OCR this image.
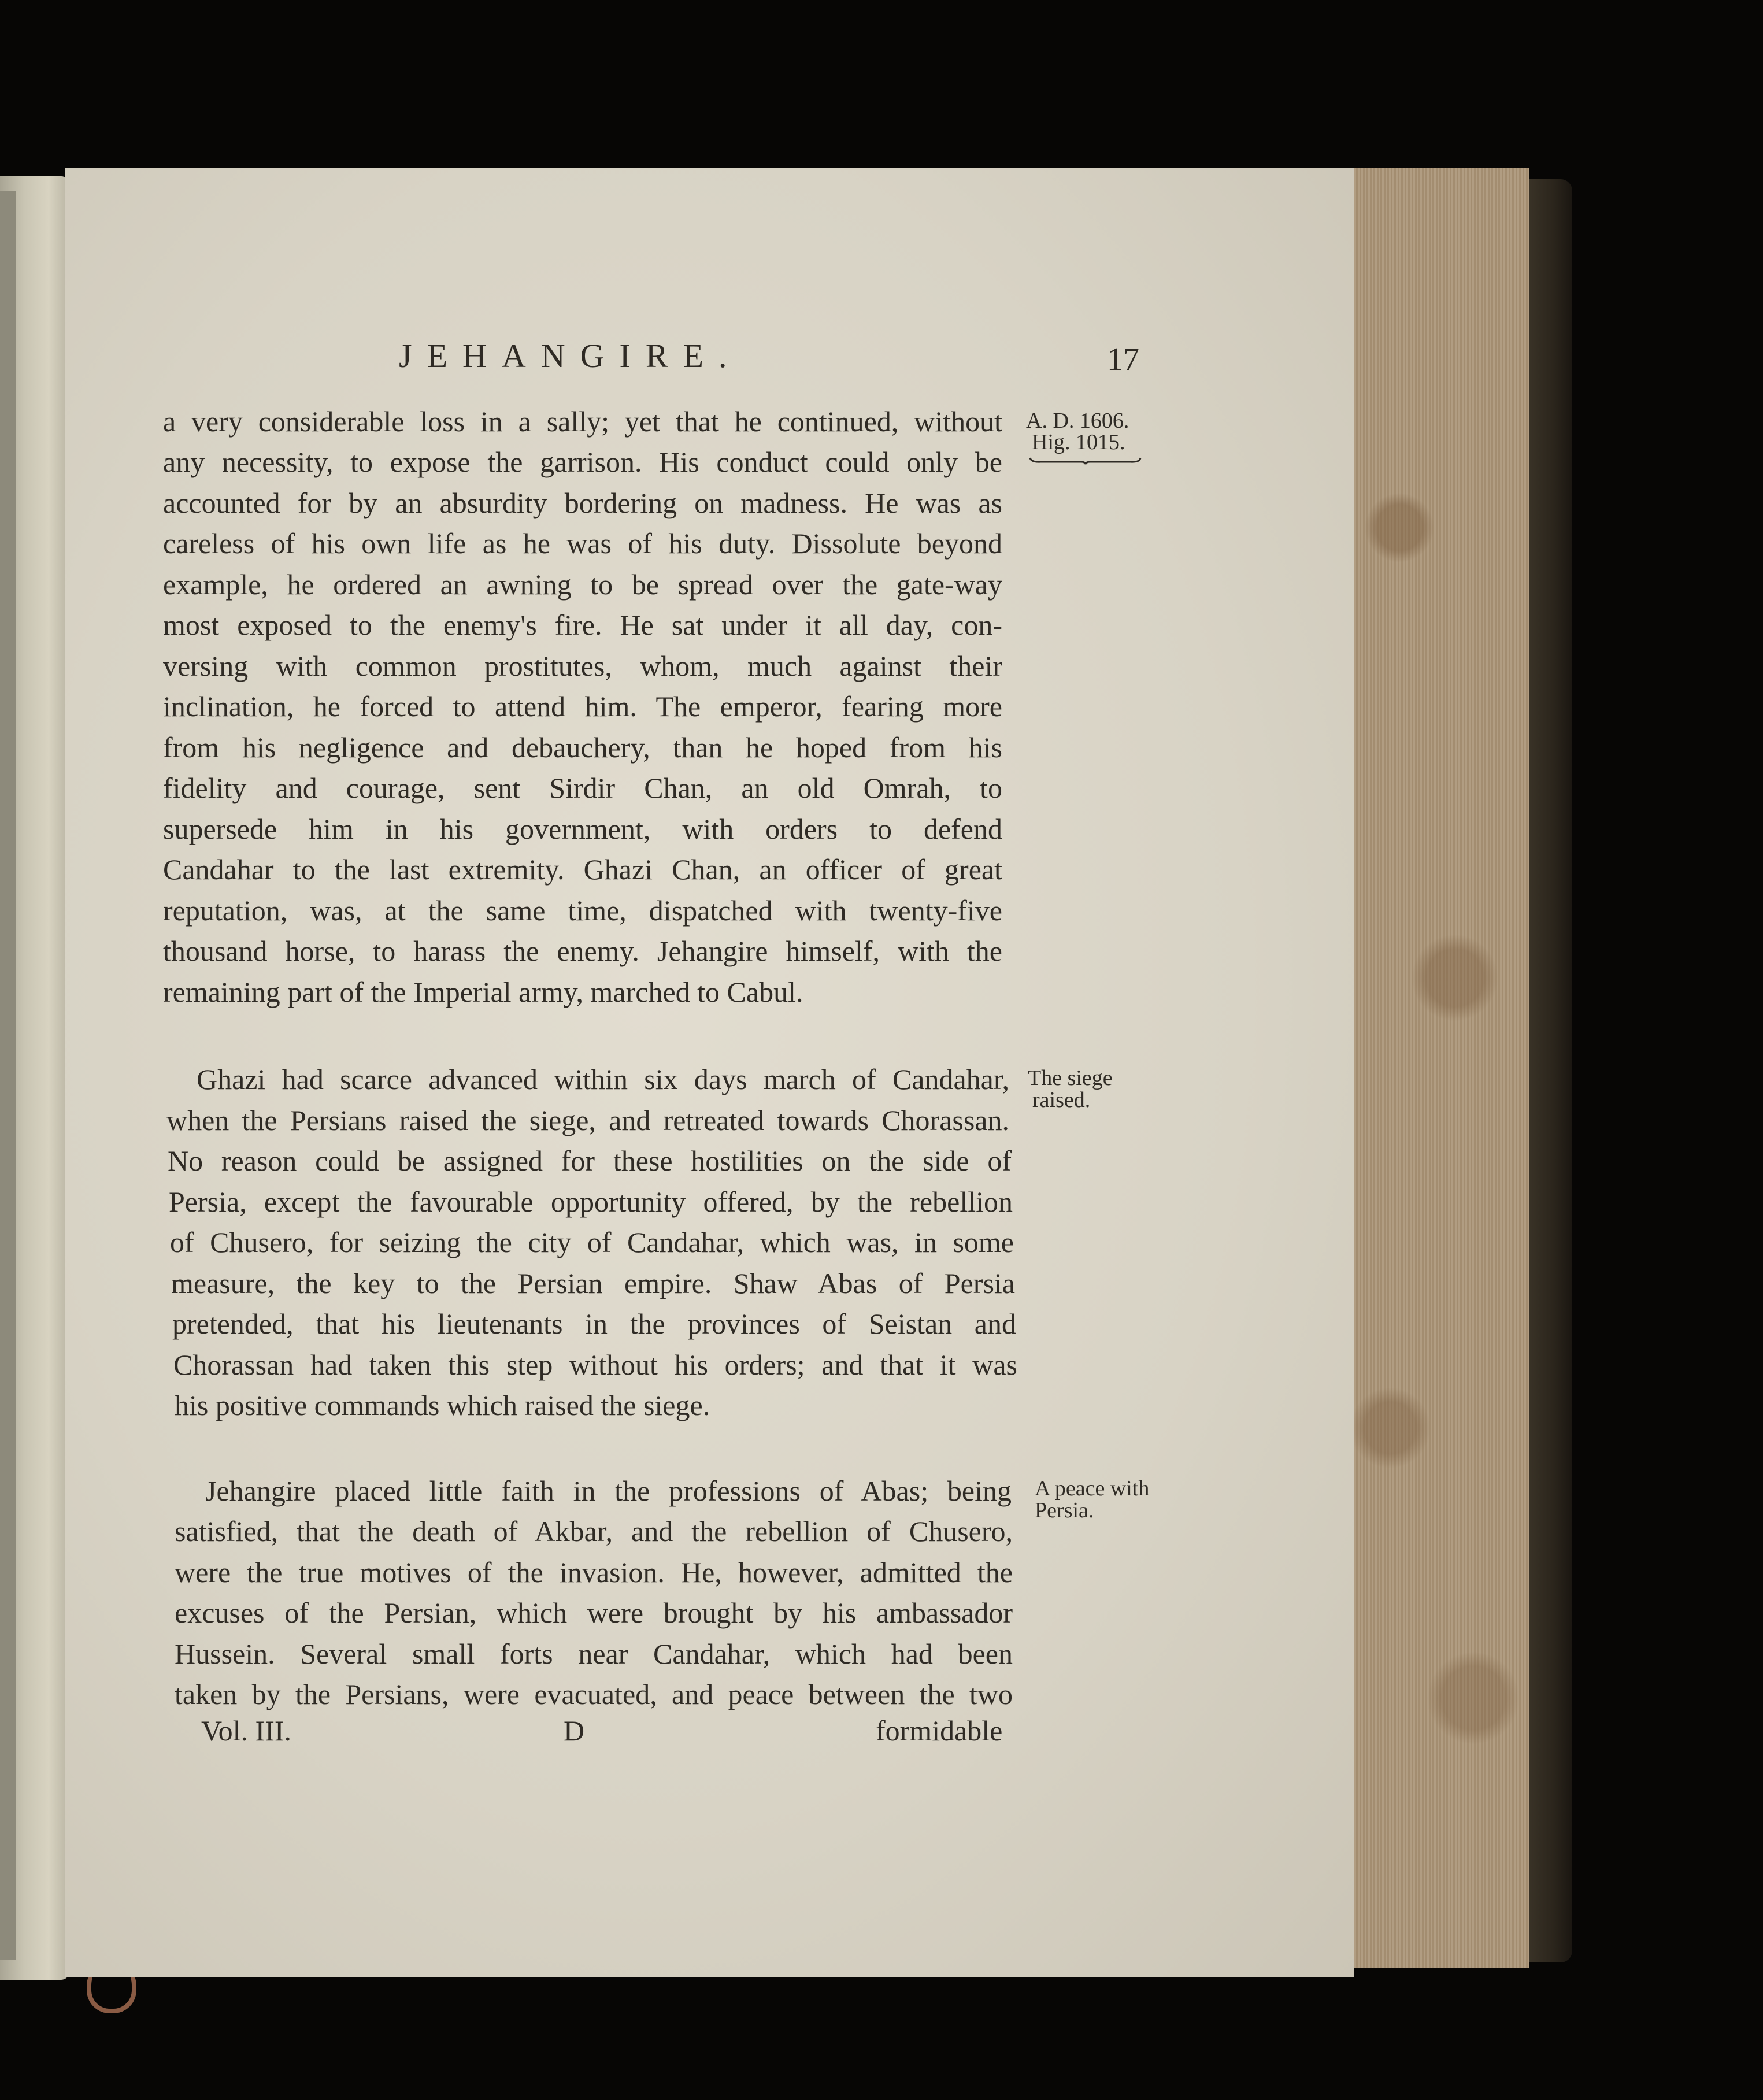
JEHANGIRE.	17
A. D. 1606.
Hig. 1015.
The siege
raised.
A peace with
Persia.
a very considerable loss in a sally; yet that he continued, without
any necessity, to expose the garrison. His conduct could only be
accounted for by an absurdity bordering on madness. He was as
careless of his own life as he was of his duty. Dissolute beyond
example, he ordered an awning to be spread over the gate-way
most exposed to the enemy's fire. He sat under it all day, con-
versing with common prostitutes, whom, much against their
inclination, he forced to attend him. The emperor, fearing more
from his negligence and debauchery, than he hoped from his
fidelity and courage, sent Sirdir Chan, an old Omrah, to
supersede him in his government, with orders to defend
Candahar to the last extremity. Ghazi Chan, an officer of great
reputation, was, at the same time, dispatched with twenty-five
thousand horse, to harass the enemy. Jehangire himself, with the
remaining part of the Imperial army, marched to Cabul.
Ghazi had scarce advanced within six days march of Candahar,
when the Persians raised the siege, and retreated towards Chorassan.
No reason could be assigned for these hostilities on the side of
Persia, except the favourable opportunity offered, by the rebellion
of Chusero, for seizing the city of Candahar, which was, in some
measure, the key to the Persian empire. Shaw Abas of Persia
pretended, that his lieutenants in the provinces of Seistan and
Chorassan had taken this step without his orders; and that it was
his positive commands which raised the siege.
Jehangire placed little faith in the professions of Abas; being
satisfied, that the death of Akbar, and the rebellion of Chusero,
were the true motives of the invasion. He, however, admitted the
excuses of the Persian, which were brought by his ambassador
Hussein. Several small forts near Candahar, which had been
taken by the Persians, were evacuated, and peace between the two
Vol. III.	D	formidable
